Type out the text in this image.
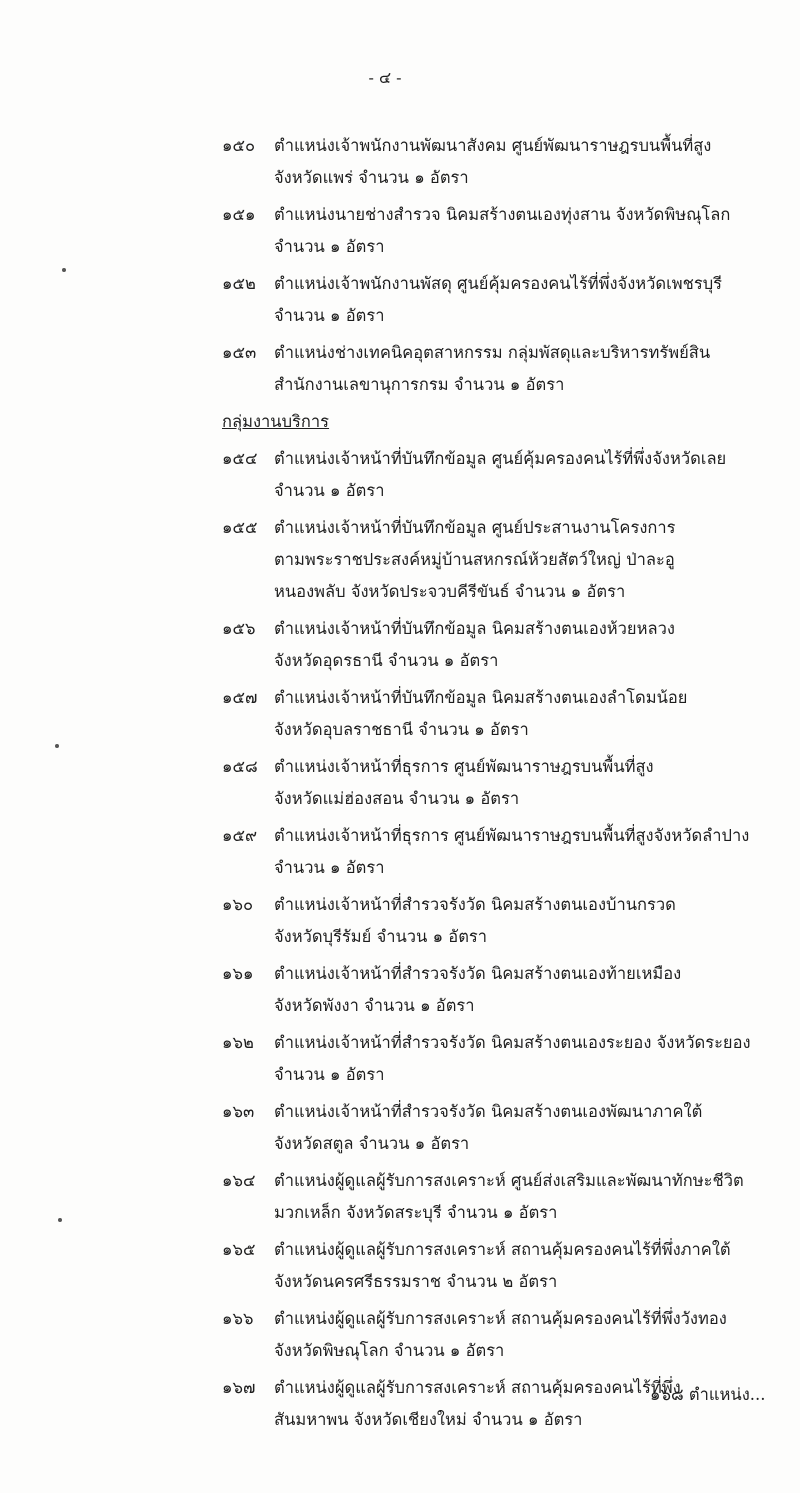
- ๔ -
๑๕๐ ตำแหน่งเจ้าพนักงานพัฒนาสังคม ศูนย์พัฒนาราษฎรบนพื้นที่สูง
จังหวัดแพร่ จำนวน ๑ อัตรา
๑๕๑ ตำแหน่งนายช่างสำรวจ นิคมสร้างตนเองทุ่งสาน จังหวัดพิษณุโลก
จำนวน ๑ อัตรา
๑๕๒ ตำแหน่งเจ้าพนักงานพัสดุ ศูนย์คุ้มครองคนไร้ที่พึ่งจังหวัดเพชรบุรี
จำนวน ๑ อัตรา
๑๕๓ ตำแหน่งช่างเทคนิคอุตสาหกรรม กลุ่มพัสดุและบริหารทรัพย์สิน
สำนักงานเลขานุการกรม จำนวน ๑ อัตรา
กลุ่มงานบริการ
๑๕๔ ตำแหน่งเจ้าหน้าที่บันทึกข้อมูล ศูนย์คุ้มครองคนไร้ที่พึ่งจังหวัดเลย
จำนวน ๑ อัตรา
๑๕๕ ตำแหน่งเจ้าหน้าที่บันทึกข้อมูล ศูนย์ประสานงานโครงการ
ตามพระราชประสงค์หมู่บ้านสหกรณ์ห้วยสัตว์ใหญ่ ป่าละอู
หนองพลับ จังหวัดประจวบคีรีขันธ์ จำนวน ๑ อัตรา
๑๕๖ ตำแหน่งเจ้าหน้าที่บันทึกข้อมูล นิคมสร้างตนเองห้วยหลวง
จังหวัดอุดรธานี จำนวน ๑ อัตรา
๑๕๗ ตำแหน่งเจ้าหน้าที่บันทึกข้อมูล นิคมสร้างตนเองลำโดมน้อย
จังหวัดอุบลราชธานี จำนวน ๑ อัตรา
๑๕๘ ตำแหน่งเจ้าหน้าที่ธุรการ ศูนย์พัฒนาราษฎรบนพื้นที่สูง
จังหวัดแม่ฮ่องสอน จำนวน ๑ อัตรา
๑๕๙ ตำแหน่งเจ้าหน้าที่ธุรการ ศูนย์พัฒนาราษฎรบนพื้นที่สูงจังหวัดลำปาง
จำนวน ๑ อัตรา
๑๖๐ ตำแหน่งเจ้าหน้าที่สำรวจรังวัด นิคมสร้างตนเองบ้านกรวด
จังหวัดบุรีรัมย์ จำนวน ๑ อัตรา
๑๖๑ ตำแหน่งเจ้าหน้าที่สำรวจรังวัด นิคมสร้างตนเองท้ายเหมือง
จังหวัดพังงา จำนวน ๑ อัตรา
๑๖๒ ตำแหน่งเจ้าหน้าที่สำรวจรังวัด นิคมสร้างตนเองระยอง จังหวัดระยอง
จำนวน ๑ อัตรา
๑๖๓ ตำแหน่งเจ้าหน้าที่สำรวจรังวัด นิคมสร้างตนเองพัฒนาภาคใต้
จังหวัดสตูล จำนวน ๑ อัตรา
๑๖๔ ตำแหน่งผู้ดูแลผู้รับการสงเคราะห์ ศูนย์ส่งเสริมและพัฒนาทักษะชีวิต
มวกเหล็ก จังหวัดสระบุรี จำนวน ๑ อัตรา
๑๖๕ ตำแหน่งผู้ดูแลผู้รับการสงเคราะห์ สถานคุ้มครองคนไร้ที่พึ่งภาคใต้
จังหวัดนครศรีธรรมราช จำนวน ๒ อัตรา
๑๖๖ ตำแหน่งผู้ดูแลผู้รับการสงเคราะห์ สถานคุ้มครองคนไร้ที่พึ่งวังทอง
จังหวัดพิษณุโลก จำนวน ๑ อัตรา
๑๖๗ ตำแหน่งผู้ดูแลผู้รับการสงเคราะห์ สถานคุ้มครองคนไร้ที่พึ่ง
สันมหาพน จังหวัดเชียงใหม่ จำนวน ๑ อัตรา
๑๖๘ ตำแหน่ง...
